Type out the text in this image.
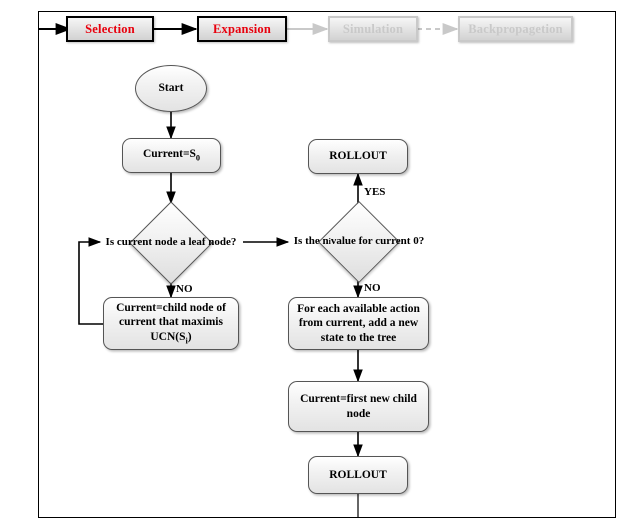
Selection	Expansion	Simulation	Backpropagetion
Start
$Current=S_0$
Is current node a leaf node?
NO
Current=child node of current that maximis $UCN(S_i)$
Is the n i value for current 0?
YES
NO
ROLLOUT
For each available action from current, add a new state to the tree
Current=first new child node
ROLLOUT
